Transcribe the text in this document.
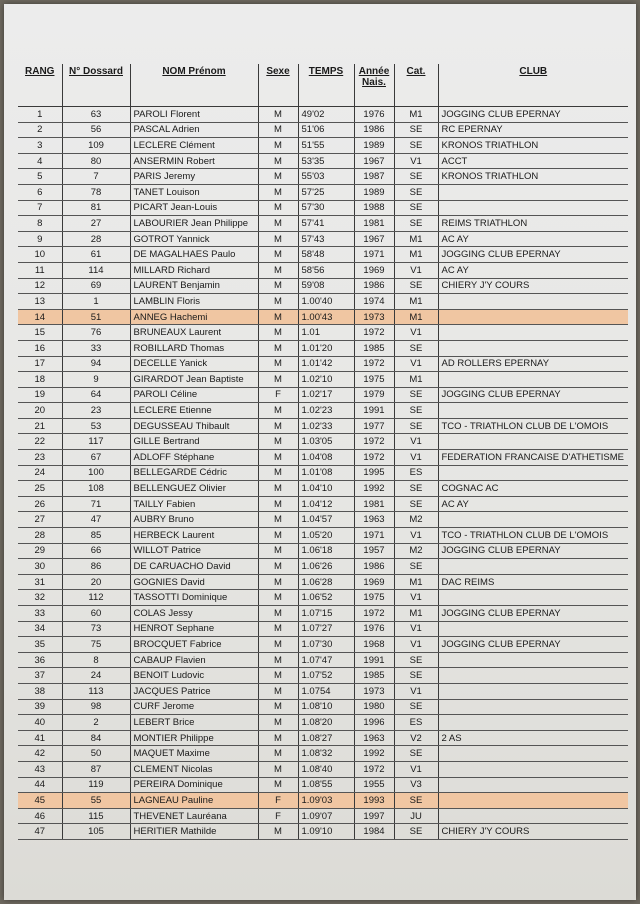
RANG	N° Dossard	NOM Prénom	Sexe	TEMPS	Année Nais.	Cat.	CLUB
1	63	PAROLI Florent	M	49'02	1976	M1	JOGGING CLUB EPERNAY
2	56	PASCAL Adrien	M	51'06	1986	SE	RC EPERNAY
3	109	LECLERE Clément	M	51'55	1989	SE	KRONOS TRIATHLON
4	80	ANSERMIN Robert	M	53'35	1967	V1	ACCT
5	7	PARIS Jeremy	M	55'03	1987	SE	KRONOS TRIATHLON
6	78	TANET Louison	M	57'25	1989	SE	
7	81	PICART Jean-Louis	M	57'30	1988	SE	
8	27	LABOURIER Jean Philippe	M	57'41	1981	SE	REIMS TRIATHLON
9	28	GOTROT Yannick	M	57'43	1967	M1	AC AY
10	61	DE MAGALHAES Paulo	M	58'48	1971	M1	JOGGING CLUB EPERNAY
11	114	MILLARD Richard	M	58'56	1969	V1	AC AY
12	69	LAURENT Benjamin	M	59'08	1986	SE	CHIERY J'Y COURS
13	1	LAMBLIN Floris	M	1.00'40	1974	M1	
14	51	ANNEG Hachemi	M	1.00'43	1973	M1	
15	76	BRUNEAUX Laurent	M	1.01	1972	V1	
16	33	ROBILLARD Thomas	M	1.01'20	1985	SE	
17	94	DECELLE Yanick	M	1.01'42	1972	V1	AD ROLLERS EPERNAY
18	9	GIRARDOT Jean Baptiste	M	1.02'10	1975	M1	
19	64	PAROLI Céline	F	1.02'17	1979	SE	JOGGING CLUB EPERNAY
20	23	LECLERE Etienne	M	1.02'23	1991	SE	
21	53	DEGUSSEAU Thibault	M	1.02'33	1977	SE	TCO - TRIATHLON CLUB DE L'OMOIS
22	117	GILLE Bertrand	M	1.03'05	1972	V1	
23	67	ADLOFF Stéphane	M	1.04'08	1972	V1	FEDERATION FRANCAISE D'ATHETISME
24	100	BELLEGARDE Cédric	M	1.01'08	1995	ES	
25	108	BELLENGUEZ Olivier	M	1.04'10	1992	SE	COGNAC AC
26	71	TAILLY Fabien	M	1.04'12	1981	SE	AC AY
27	47	AUBRY Bruno	M	1.04'57	1963	M2	
28	85	HERBECK Laurent	M	1.05'20	1971	V1	TCO - TRIATHLON CLUB DE L'OMOIS
29	66	WILLOT Patrice	M	1.06'18	1957	M2	JOGGING CLUB EPERNAY
30	86	DE CARUACHO David	M	1.06'26	1986	SE	
31	20	GOGNIES David	M	1.06'28	1969	M1	DAC REIMS
32	112	TASSOTTI Dominique	M	1.06'52	1975	V1	
33	60	COLAS Jessy	M	1.07'15	1972	M1	JOGGING CLUB EPERNAY
34	73	HENROT Sephane	M	1.07'27	1976	V1	
35	75	BROCQUET Fabrice	M	1.07'30	1968	V1	JOGGING CLUB EPERNAY
36	8	CABAUP Flavien	M	1.07'47	1991	SE	
37	24	BENOIT Ludovic	M	1.07'52	1985	SE	
38	113	JACQUES Patrice	M	1.0754	1973	V1	
39	98	CURF Jerome	M	1.08'10	1980	SE	
40	2	LEBERT Brice	M	1.08'20	1996	ES	
41	84	MONTIER Philippe	M	1.08'27	1963	V2	2 AS
42	50	MAQUET Maxime	M	1.08'32	1992	SE	
43	87	CLEMENT Nicolas	M	1.08'40	1972	V1	
44	119	PEREIRA Dominique	M	1.08'55	1955	V3	
45	55	LAGNEAU Pauline	F	1.09'03	1993	SE	
46	115	THEVENET Lauréana	F	1.09'07	1997	JU	
47	105	HERITIER Mathilde	M	1.09'10	1984	SE	CHIERY J'Y COURS
